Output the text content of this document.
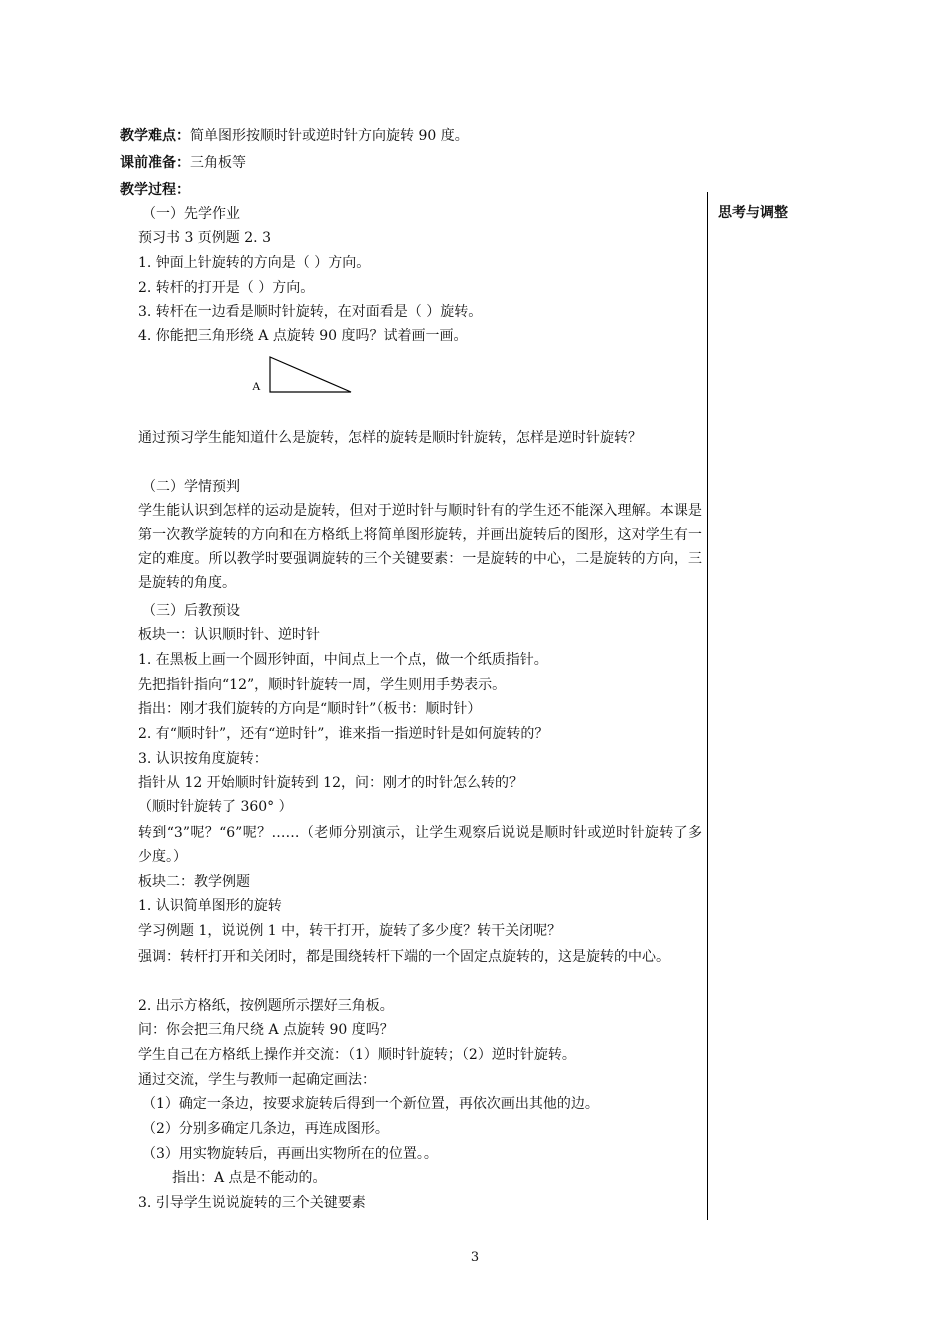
教学难点：简单图形按顺时针或逆时针方向旋转 90 度。
课前准备：三角板等
教学过程：
思考与调整
（一）先学作业
预习书 3 页例题 2. 3
1. 钟面上针旋转的方向是（ ）方向。
2. 转杆的打开是（ ）方向。
3. 转杆在一边看是顺时针旋转，在对面看是（ ）旋转。
4. 你能把三角形绕 A 点旋转 90 度吗？试着画一画。
A
通过预习学生能知道什么是旋转，怎样的旋转是顺时针旋转，怎样是逆时针旋转？
（二）学情预判
学生能认识到怎样的运动是旋转，但对于逆时针与顺时针有的学生还不能深入理解。本课是第一次教学旋转的方向和在方格纸上将简单图形旋转，并画出旋转后的图形，这对学生有一定的难度。所以教学时要强调旋转的三个关键要素：一是旋转的中心，二是旋转的方向，三是旋转的角度。
（三）后教预设
板块一：认识顺时针、逆时针
1. 在黑板上画一个圆形钟面，中间点上一个点，做一个纸质指针。
先把指针指向“12”，顺时针旋转一周，学生则用手势表示。
指出：刚才我们旋转的方向是“顺时针”（板书：顺时针）
2. 有“顺时针”，还有“逆时针”，谁来指一指逆时针是如何旋转的？
3. 认识按角度旋转：
指针从 12 开始顺时针旋转到 12，问：刚才的时针怎么转的？
（顺时针旋转了 360° ）
转到“3”呢？“6”呢？……（老师分别演示，让学生观察后说说是顺时针或逆时针旋转了多少度。）
板块二：教学例题
1. 认识简单图形的旋转
学习例题 1，说说例 1 中，转干打开，旋转了多少度？转干关闭呢？
强调：转杆打开和关闭时，都是围绕转杆下端的一个固定点旋转的，这是旋转的中心。
2. 出示方格纸，按例题所示摆好三角板。
问：你会把三角尺绕 A 点旋转 90 度吗？
学生自己在方格纸上操作并交流：（1）顺时针旋转；（2）逆时针旋转。
通过交流，学生与教师一起确定画法：
（1）确定一条边，按要求旋转后得到一个新位置，再依次画出其他的边。
（2）分别多确定几条边，再连成图形。
（3）用实物旋转后，再画出实物所在的位置。。
指出：A 点是不能动的。
3. 引导学生说说旋转的三个关键要素
3
